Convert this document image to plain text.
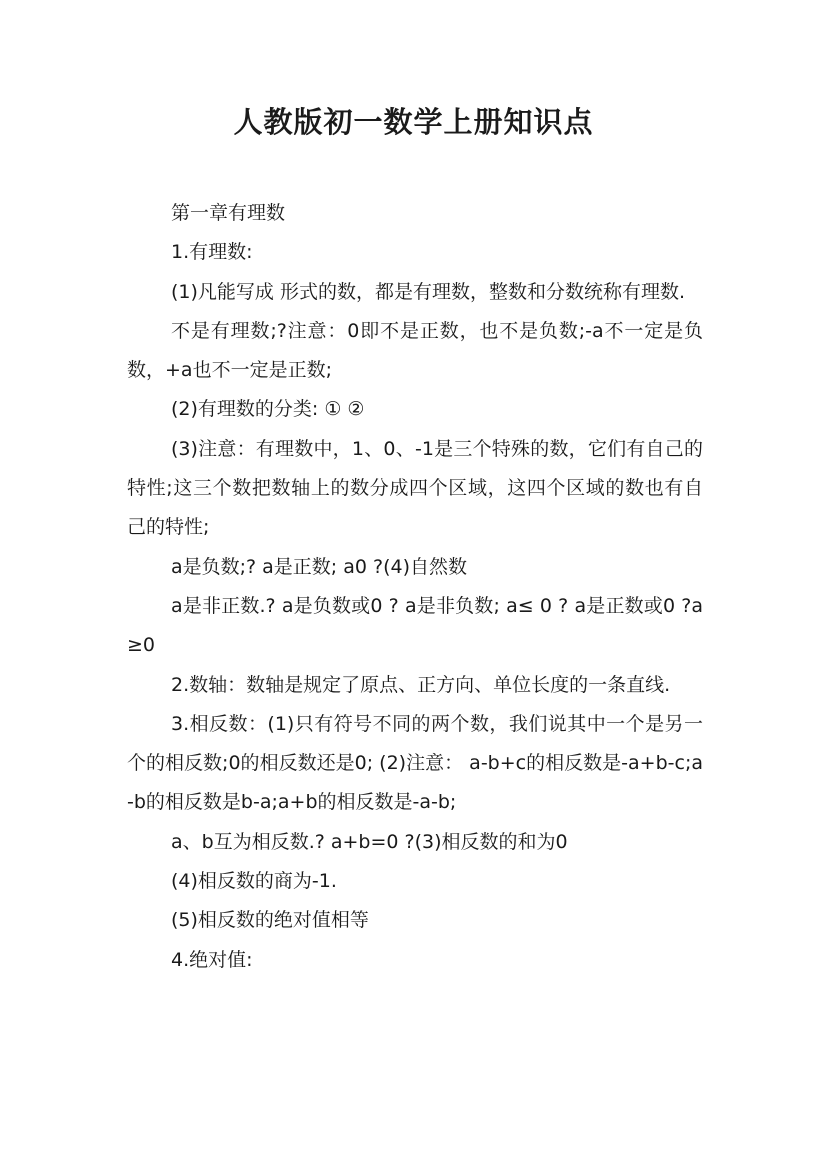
人教版初一数学上册知识点

第一章有理数

1.有理数:

(1)凡能写成 形式的数，都是有理数，整数和分数统称有理数.

不是有理数;?注意：0即不是正数，也不是负数;-a不一定是负数，+a也不一定是正数;

(2)有理数的分类: ① ②

(3)注意：有理数中，1、0、-1是三个特殊的数，它们有自己的特性;这三个数把数轴上的数分成四个区域，这四个区域的数也有自己的特性;

a是负数;? a是正数; a0 ?(4)自然数

a是非正数.? a是负数或0 ? a是非负数; a≤ 0 ? a是正数或0 ?a≥0

2.数轴：数轴是规定了原点、正方向、单位长度的一条直线.

3.相反数：(1)只有符号不同的两个数，我们说其中一个是另一个的相反数;0的相反数还是0; (2)注意： a-b+c的相反数是-a+b-c;a-b的相反数是b-a;a+b的相反数是-a-b;

a、b互为相反数.? a+b=0 ?(3)相反数的和为0

(4)相反数的商为-1.

(5)相反数的绝对值相等

4.绝对值:
